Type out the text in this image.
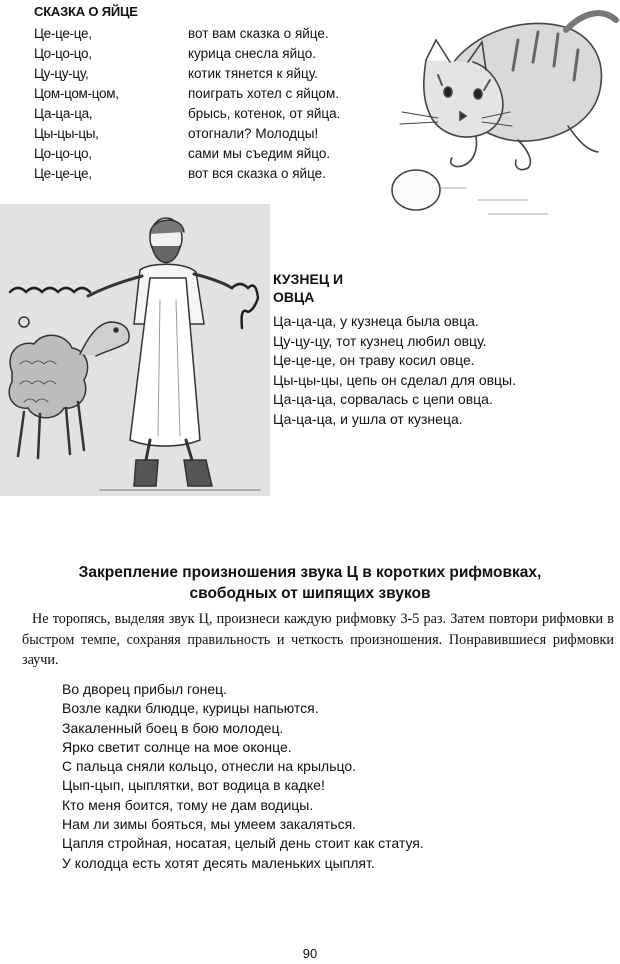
СКАЗКА О ЯЙЦЕ
Це-це-це,	вот вам сказка о яйце.
Цо-цо-цо,	курица снесла яйцо.
Цу-цу-цу,	котик тянется к яйцу.
Цом-цом-цом,	поиграть хотел с яйцом.
Ца-ца-ца,	брысь, котенок, от яйца.
Цы-цы-цы,	отогнали? Молодцы!
Цо-цо-цо,	сами мы съедим яйцо.
Це-це-це,	вот вся сказка о яйце.
КУЗНЕЦ И
ОВЦА
Ца-ца-ца, у кузнеца была овца.
Цу-цу-цу, тот кузнец любил овцу.
Це-це-це, он траву косил овце.
Цы-цы-цы, цепь он сделал для овцы.
Ца-ца-ца, сорвалась с цепи овца.
Ца-ца-ца, и ушла от кузнеца.
Закрепление произношения звука Ц в коротких рифмовках,
свободных от шипящих звуков
Не торопясь, выделяя звук Ц, произнеси каждую рифмовку 3-5 раз. Затем повтори рифмовки в быстром темпе, сохраняя правильность и четкость произношения. Понравившиеся рифмовки заучи.
Во дворец прибыл гонец.
Возле кадки блюдце, курицы напьются.
Закаленный боец в бою молодец.
Ярко светит солнце на мое оконце.
С пальца сняли кольцо, отнесли на крыльцо.
Цып-цып, цыплятки, вот водица в кадке!
Кто меня боится, тому не дам водицы.
Нам ли зимы бояться, мы умеем закаляться.
Цапля стройная, носатая, целый день стоит как статуя.
У колодца есть хотят десять маленьких цыплят.
90
